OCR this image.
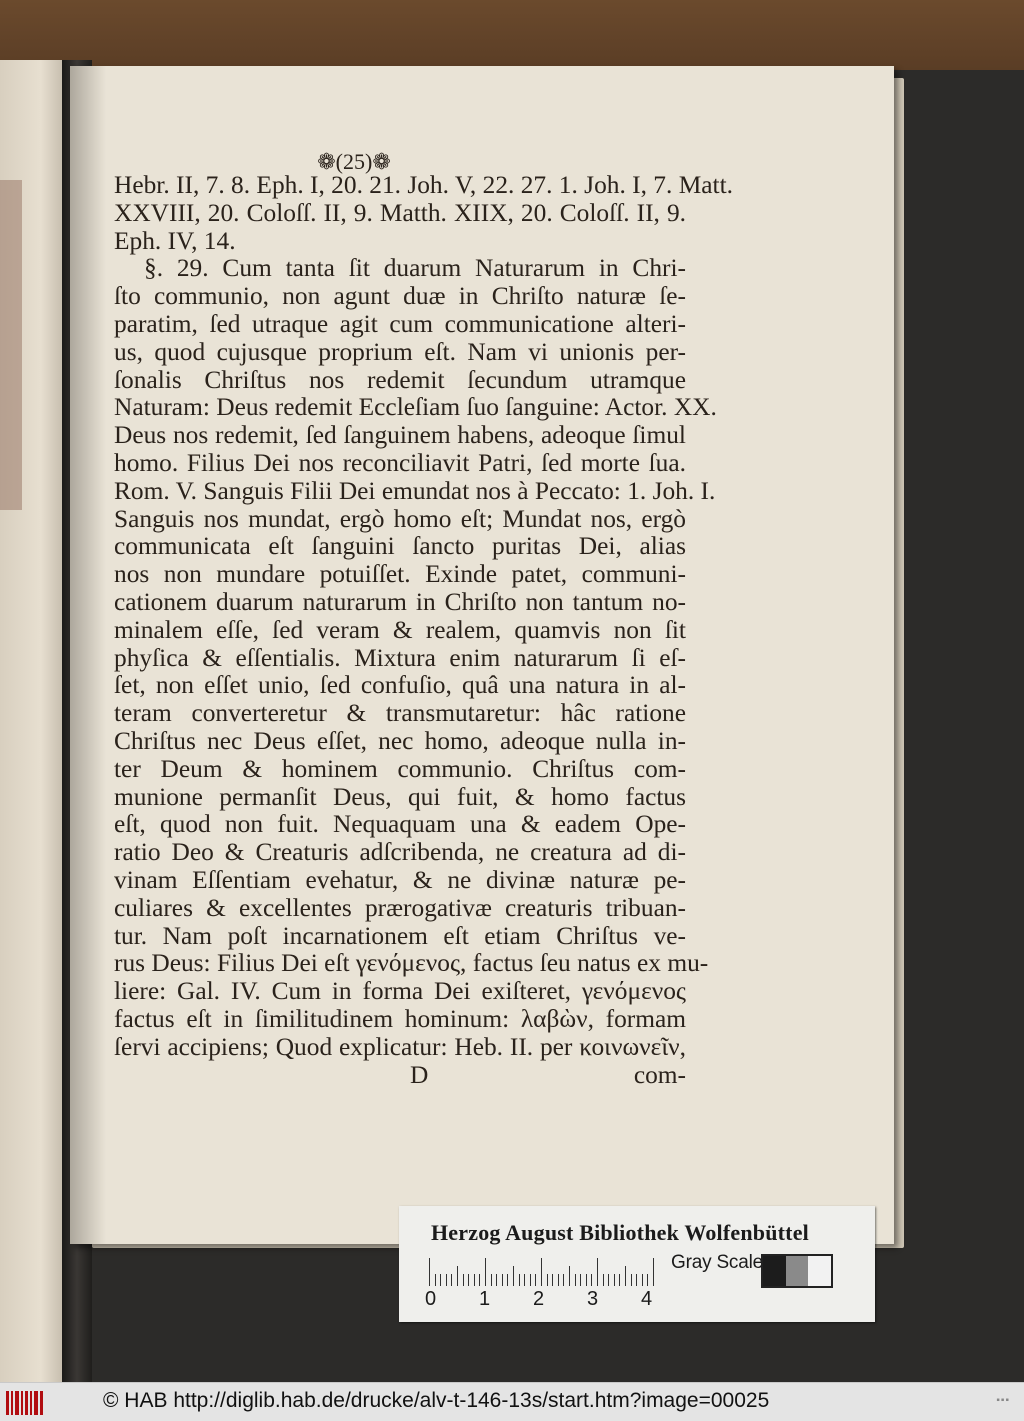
❁(25)❁
Hebr. II, 7. 8. Eph. I, 20. 21. Joh. V, 22. 27. 1. Joh. I, 7. Matt.
XXVIII, 20. Coloſſ. II, 9. Matth. XIIX, 20. Coloſſ. II, 9.
Eph. IV, 14.
§. 29. Cum tanta ſit duarum Naturarum in Chri-
ſto communio, non agunt duæ in Chriſto naturæ ſe-
paratim, ſed utraque agit cum communicatione alteri-
us, quod cujusque proprium eſt. Nam vi unionis per-
ſonalis Chriſtus nos redemit ſecundum utramque
Naturam: Deus redemit Eccleſiam ſuo ſanguine: Actor. XX.
Deus nos redemit, ſed ſanguinem habens, adeoque ſimul
homo. Filius Dei nos reconciliavit Patri, ſed morte ſua.
Rom. V. Sanguis Filii Dei emundat nos à Peccato: 1. Joh. I.
Sanguis nos mundat, ergò homo eſt; Mundat nos, ergò
communicata eſt ſanguini ſancto puritas Dei, alias
nos non mundare potuiſſet. Exinde patet, communi-
cationem duarum naturarum in Chriſto non tantum no-
minalem eſſe, ſed veram & realem, quamvis non ſit
phyſica & eſſentialis. Mixtura enim naturarum ſi eſ-
ſet, non eſſet unio, ſed confuſio, quâ una natura in al-
teram converteretur & transmutaretur: hâc ratione
Chriſtus nec Deus eſſet, nec homo, adeoque nulla in-
ter Deum & hominem communio. Chriſtus com-
munione permanſit Deus, qui fuit, & homo factus
eſt, quod non fuit. Nequaquam una & eadem Ope-
ratio Deo & Creaturis adſcribenda, ne creatura ad di-
vinam Eſſentiam evehatur, & ne divinæ naturæ pe-
culiares & excellentes prærogativæ creaturis tribuan-
tur. Nam poſt incarnationem eſt etiam Chriſtus ve-
rus Deus: Filius Dei eſt γενόμενος, factus ſeu natus ex mu-
liere: Gal. IV. Cum in forma Dei exiſteret, γενόμενος
factus eſt in ſimilitudinem hominum: λαβὼν, formam
ſervi accipiens; Quod explicatur: Heb. II. per κοινωνεῖν,
D	com-
Herzog August Bibliothek Wolfenbüttel
0 1 2 3 4
Gray Scale
© HAB http://diglib.hab.de/drucke/alv-t-146-13s/start.htm?image=00025	▪▪▪
